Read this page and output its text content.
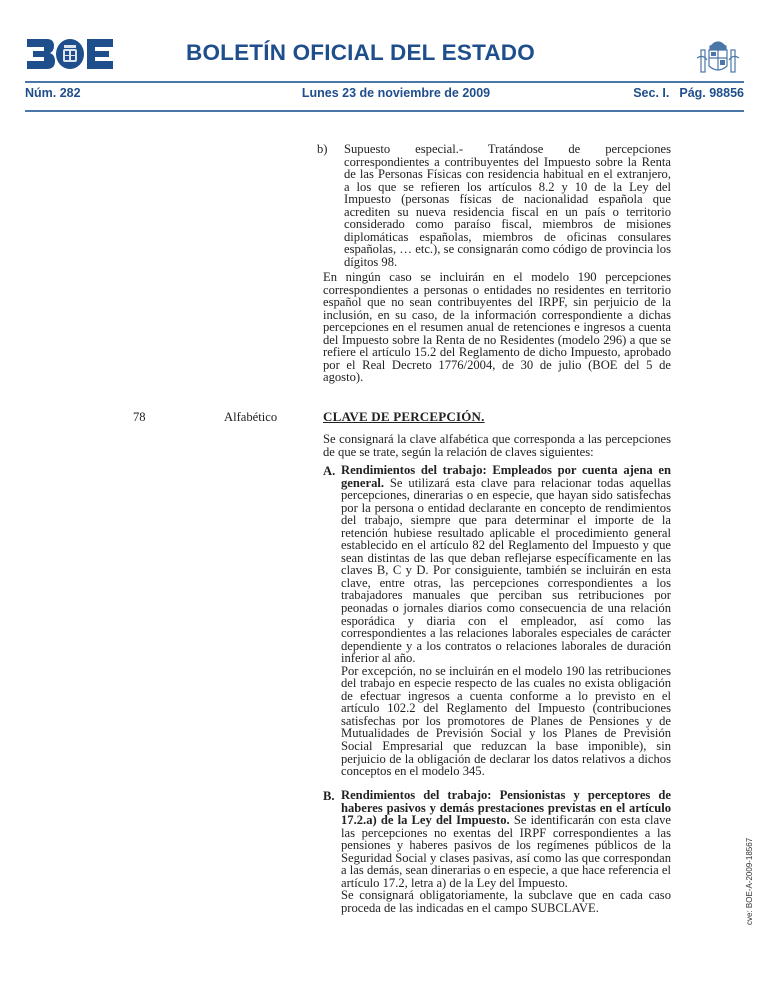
BOLETÍN OFICIAL DEL ESTADO
Núm. 282	Lunes 23 de noviembre de 2009	Sec. I. Pág. 98856
b) Supuesto especial.- Tratándose de percepciones correspondientes a contribuyentes del Impuesto sobre la Renta de las Personas Físicas con residencia habitual en el extranjero, a los que se refieren los artículos 8.2 y 10 de la Ley del Impuesto (personas físicas de nacionalidad española que acrediten su nueva residencia fiscal en un país o territorio considerado como paraíso fiscal, miembros de misiones diplomáticas españolas, miembros de oficinas consulares españolas, … etc.), se consignarán como código de provincia los dígitos 98.

En ningún caso se incluirán en el modelo 190 percepciones correspondientes a personas o entidades no residentes en territorio español que no sean contribuyentes del IRPF, sin perjuicio de la inclusión, en su caso, de la información correspondiente a dichas percepciones en el resumen anual de retenciones e ingresos a cuenta del Impuesto sobre la Renta de no Residentes (modelo 296) a que se refiere el artículo 15.2 del Reglamento de dicho Impuesto, aprobado por el Real Decreto 1776/2004, de 30 de julio (BOE del 5 de agosto).

78	Alfabético	CLAVE DE PERCEPCIÓN.

Se consignará la clave alfabética que corresponda a las percepciones de que se trate, según la relación de claves siguientes:

A. Rendimientos del trabajo: Empleados por cuenta ajena en general. Se utilizará esta clave para relacionar todas aquellas percepciones, dinerarias o en especie, que hayan sido satisfechas por la persona o entidad declarante en concepto de rendimientos del trabajo, siempre que para determinar el importe de la retención hubiese resultado aplicable el procedimiento general establecido en el artículo 82 del Reglamento del Impuesto y que sean distintas de las que deban reflejarse específicamente en las claves B, C y D. Por consiguiente, también se incluirán en esta clave, entre otras, las percepciones correspondientes a los trabajadores manuales que perciban sus retribuciones por peonadas o jornales diarios como consecuencia de una relación esporádica y diaria con el empleador, así como las correspondientes a las relaciones laborales especiales de carácter dependiente y a los contratos o relaciones laborales de duración inferior al año.

Por excepción, no se incluirán en el modelo 190 las retribuciones del trabajo en especie respecto de las cuales no exista obligación de efectuar ingresos a cuenta conforme a lo previsto en el artículo 102.2 del Reglamento del Impuesto (contribuciones satisfechas por los promotores de Planes de Pensiones y de Mutualidades de Previsión Social y los Planes de Previsión Social Empresarial que reduzcan la base imponible), sin perjuicio de la obligación de declarar los datos relativos a dichos conceptos en el modelo 345.

B. Rendimientos del trabajo: Pensionistas y perceptores de haberes pasivos y demás prestaciones previstas en el artículo 17.2.a) de la Ley del Impuesto. Se identificarán con esta clave las percepciones no exentas del IRPF correspondientes a las pensiones y haberes pasivos de los regímenes públicos de la Seguridad Social y clases pasivas, así como las que correspondan a las demás, sean dinerarias o en especie, a que hace referencia el artículo 17.2, letra a) de la Ley del Impuesto.

Se consignará obligatoriamente, la subclave que en cada caso proceda de las indicadas en el campo SUBCLAVE.	cve: BOE-A-2009-18567
